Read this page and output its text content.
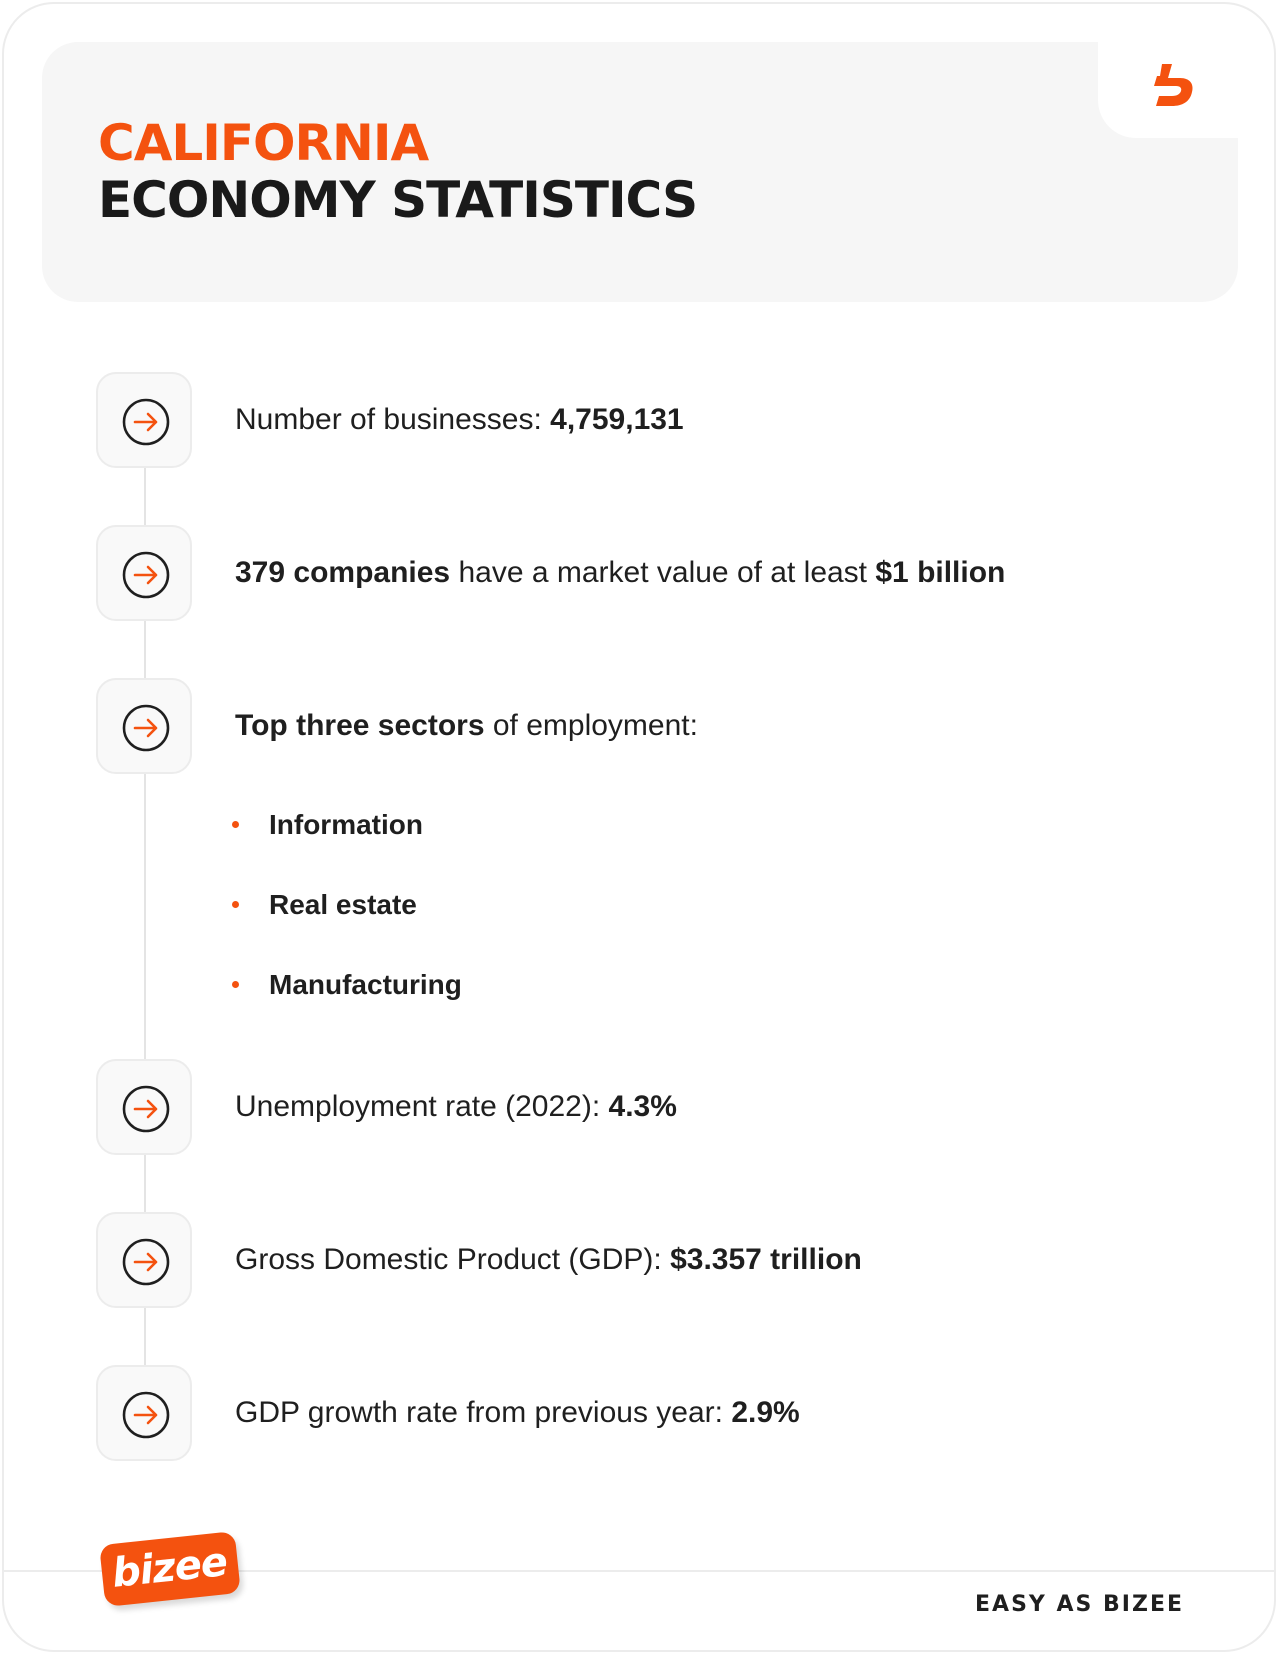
CALIFORNIA
ECONOMY STATISTICS

Number of businesses: 4,759,131

379 companies have a market value of at least $1 billion

Top three sectors of employment:

Information
Real estate
Manufacturing

Unemployment rate (2022): 4.3%

Gross Domestic Product (GDP): $3.357 trillion

GDP growth rate from previous year: 2.9%

bizee

EASY AS BIZEE
